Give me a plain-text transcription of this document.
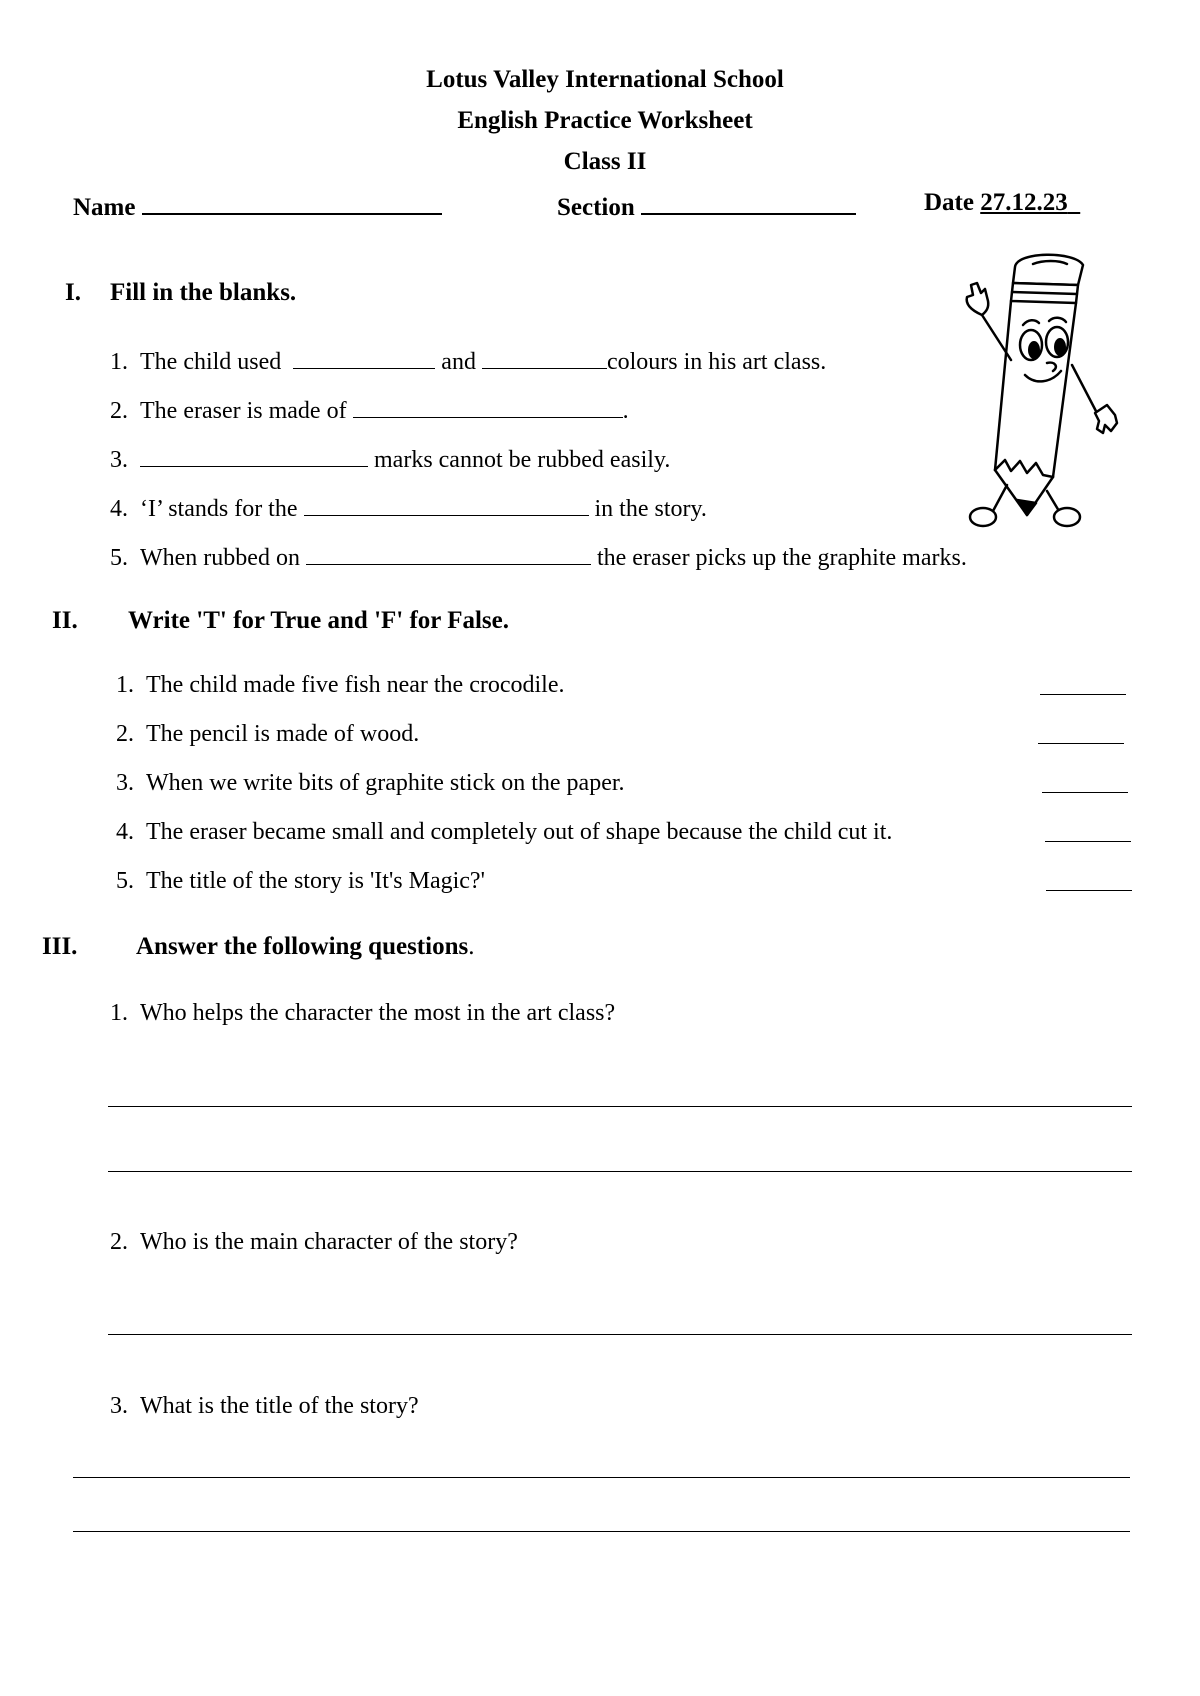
Lotus Valley International School
English Practice Worksheet
Class II
Name	Section	Date 27.12.23
I. Fill in the blanks.
1. The child used	and	colours in his art class.
2. The eraser is made of	.
3.	marks cannot be rubbed easily.
4. ‘I’ stands for the	in the story.
5. When rubbed on	the eraser picks up the graphite marks.
II. Write 'T' for True and 'F' for False.
1. The child made five fish near the crocodile.
2. The pencil is made of wood.
3. When we write bits of graphite stick on the paper.
4. The eraser became small and completely out of shape because the child cut it.
5. The title of the story is 'It's Magic?'
III. Answer the following questions.
1. Who helps the character the most in the art class?
2. Who is the main character of the story?
3. What is the title of the story?
